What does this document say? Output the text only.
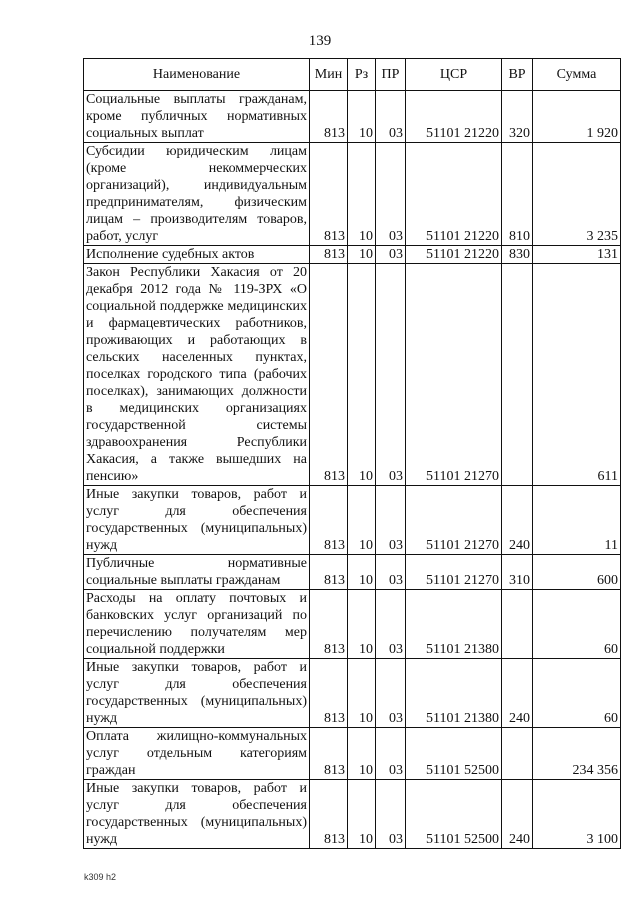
139
Наименование	Мин	Рз	ПР	ЦСР	ВР	Сумма
Социальные выплаты гражданам, кроме публичных нормативных социальных выплат	813	10	03	51101 21220	320	1 920
Субсидии юридическим лицам (кроме некоммерческих организаций), индивидуальным предпринимателям, физическим лицам – производителям товаров, работ, услуг	813	10	03	51101 21220	810	3 235
Исполнение судебных актов	813	10	03	51101 21220	830	131
Закон Республики Хакасия от 20 декабря 2012 года № 119-ЗРХ «О социальной поддержке медицинских и фармацевтических работников, проживающих и работающих в сельских населенных пунктах, поселках городского типа (рабочих поселках), занимающих должности в медицинских организациях государственной системы здравоохранения Республики Хакасия, а также вышедших на пенсию»	813	10	03	51101 21270		611
Иные закупки товаров, работ и услуг для обеспечения государственных (муниципальных) нужд	813	10	03	51101 21270	240	11
Публичные нормативные социальные выплаты гражданам	813	10	03	51101 21270	310	600
Расходы на оплату почтовых и банковских услуг организаций по перечислению получателям мер социальной поддержки	813	10	03	51101 21380		60
Иные закупки товаров, работ и услуг для обеспечения государственных (муниципальных) нужд	813	10	03	51101 21380	240	60
Оплата жилищно-коммунальных услуг отдельным категориям граждан	813	10	03	51101 52500		234 356
Иные закупки товаров, работ и услуг для обеспечения государственных (муниципальных) нужд	813	10	03	51101 52500	240	3 100
k309 h2
